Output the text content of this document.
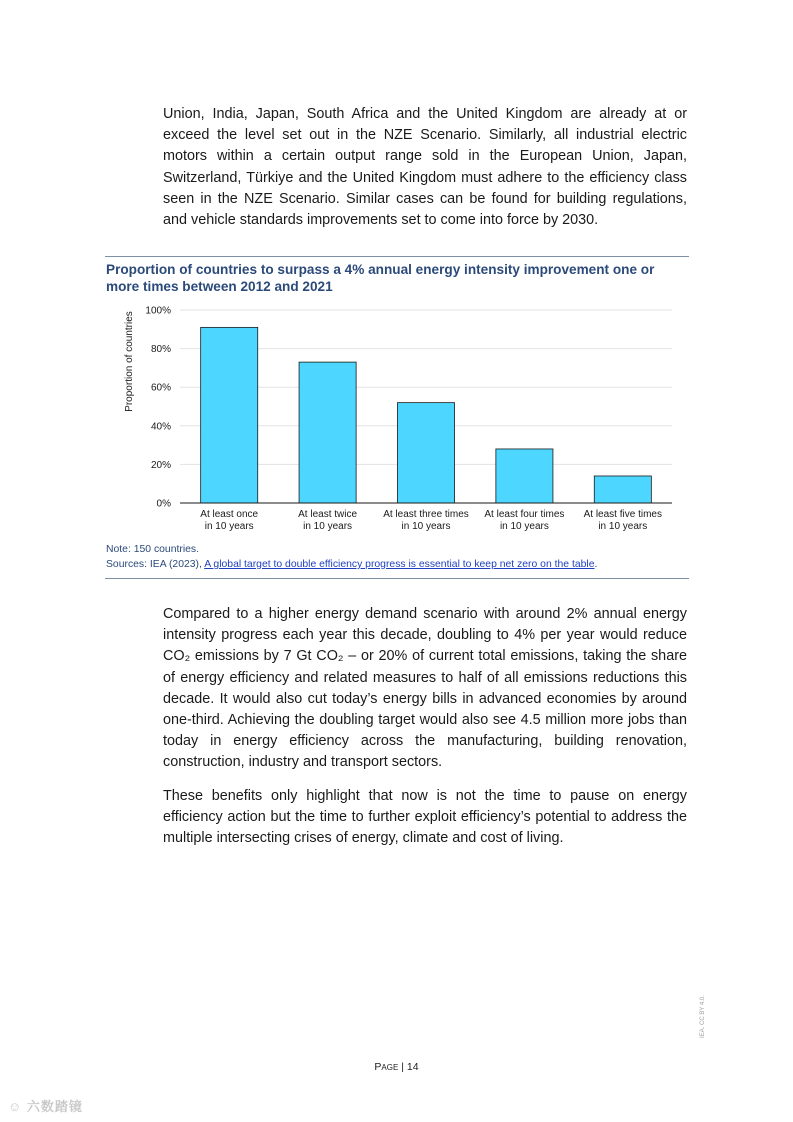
Union, India, Japan, South Africa and the United Kingdom are already at or exceed the level set out in the NZE Scenario. Similarly, all industrial electric motors within a certain output range sold in the European Union, Japan, Switzerland, Türkiye and the United Kingdom must adhere to the efficiency class seen in the NZE Scenario. Similar cases can be found for building regulations, and vehicle standards improvements set to come into force by 2030.

Proportion of countries to surpass a 4% annual energy intensity improvement one or more times between 2012 and 2021

0%
20%
40%
60%
80%
100%
Proportion of countries
At least once
in 10 years
At least twice
in 10 years
At least three times
in 10 years
At least four times
in 10 years
At least five times
in 10 years

Note: 150 countries.

Sources: IEA (2023), A global target to double efficiency progress is essential to keep net zero on the table.

Compared to a higher energy demand scenario with around 2% annual energy intensity progress each year this decade, doubling to 4% per year would reduce CO₂ emissions by 7 Gt CO₂ – or 20% of current total emissions, taking the share of energy efficiency and related measures to half of all emissions reductions this decade. It would also cut today’s energy bills in advanced economies by around one-third. Achieving the doubling target would also see 4.5 million more jobs than today in energy efficiency across the manufacturing, building renovation, construction, industry and transport sectors.

These benefits only highlight that now is not the time to pause on energy efficiency action but the time to further exploit efficiency’s potential to address the multiple intersecting crises of energy, climate and cost of living.

PAGE | 14
IEA. CC BY 4.0.
☺ 六数踏镜
